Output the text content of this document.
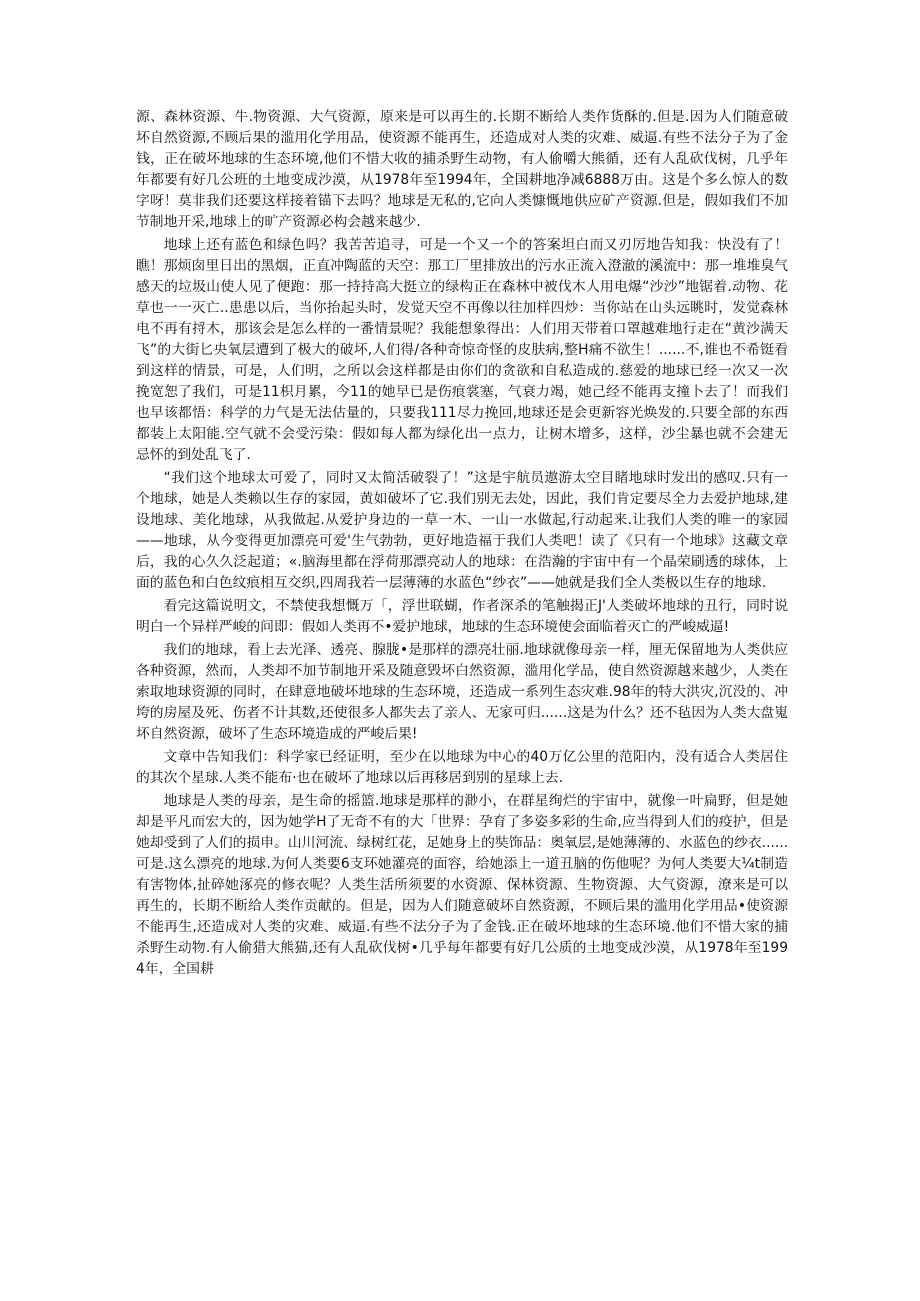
源、森林资源、牛.物资源、大气资源，原来是可以再生的.长期不断给人类作货酥的.但是.因为人们随意破坏自然资源,不顾后果的滥用化学用品，使资源不能再生，还造成对人类的灾难、威逼.有些不法分子为了金钱，正在破坏地球的生态环境,他们不惜大收的捕杀野生动物，有人偷嚼大熊循，还有人乱砍伐树，几乎年年都要有好几公班的土地变成沙漠，从1978年至1994年，全国耕地净减6888万由。这是个多么惊人的数字呀！莫非我们还要这样接着锚下去吗？地球是无私的,它向人类慷慨地供应矿产资源.但是，假如我们不加节制地开采,地球上的旷产资源必构会越来越少.

地球上还有蓝色和绿色吗？我苦苦追寻，可是一个又一个的答案坦白而又刃厉地告知我：快没有了！瞧！那烦囱里日出的黑烟，正直冲陶蓝的天空：那工厂里排放出的污水正流入澄澈的溪流中：那一堆堆臭气感天的垃圾山使人见了便跑：那一持持高大挺立的绿构正在森林中被伐木人用电爆“沙沙”地锯着.动物、花草也一一灭亡..患患以后，当你抬起头时，发觉天空不再像以往加样四炒：当你站在山头远眺时，发觉森林电不再有捋木，那该会是怎么样的一番情景呢？我能想象得出：人们用天带着口罩越难地行走在“黄沙满天飞”的大街匕央氧层遭到了极大的破坏,人们得/各种奇惊奇怪的皮肤病,整H痛不欲生！......不,谁也不希铤看到这样的情景，可是，人们明，之所以会这样都是由你们的贪欲和自私造成的.慈爱的地球已经一次又一次挽宽恕了我们，可是11枳月累，今11的她早已是伤痕裳塞，气衰力竭，她己经不能再支撞卜去了！而我们也早该都悟：科学的力气是无法估量的，只要我111尽力挽回,地球还是会更新容光焕发的.只要全部的东西都装上太阳能.空气就不会受污染：假如每人都为绿化出一点力，让树木增多，这样，沙尘暴也就不会建无忌怀的到处乱飞了.

“我们这个地球太可爱了，同时又太简活破裂了！”这是宇航员遨游太空目睹地球时发出的感叹.只有一个地球，她是人类赖以生存的家园，黄如破坏了它.我们别无去处，因此，我们肯定要尽全力去爱护地球,建设地球、美化地球，从我做起.从爱护身边的一草一木、一山一水做起,行动起来.让我们人类的唯一的家园——地球，从今变得更加漂亮可爱'生气勃勃，更好地造福于我们人类吧！读了《只有一个地球》这藏文章后，我的心久久泛起道；«.脑海里都在浮荷那漂亮动人的地球：在浩瀚的宇宙中有一个晶荣刷透的球体，上面的蓝色和白色纹痕相互交织,四周我若一层薄薄的水蓝色“纱衣”——她就是我们全人类极以生存的地球.

看完这篇说明文，不禁使我想慨万「，浮世联蝴，作者深杀的笔触揭正J'人类破坏地球的丑行，同时说明白一个异样严峻的问即：假如人类再不•爱护地球，地球的生态环境使会面临着灭亡的严峻威逼!

我们的地球，看上去光泽、透亮、腺胧•是那样的漂亮壮丽.地球就像母亲一样，厘无保留地为人类供应各种资源，然而，人类却不加节制地开采及随意毁坏白然资源，滥用化学品，使自然资源越来越少，人类在索取地球资源的同时，在肆意地破坏地球的生态环境，还造成一系列生态灾难.98年的特大洪灾,沉没的、冲垮的房屋及死、伤者不计其数,还使很多人都失去了亲人、无家可归......这是为什么？还不毡因为人类大盘嵬坏自然资源，破坏了生态环境造成的严峻后果!

文章中告知我们：科学家已经证明，至少在以地球为中心的40万亿公里的范阳内，没有适合人类居住的其次个星球.人类不能布·也在破坏了地球以后再移居到别的星球上去.

地球是人类的母亲，是生命的摇篮.地球是那样的渺小，在群星绚烂的宇宙中，就像一叶扁野，但是她却是平凡而宏大的，因为她学H了无奇不有的大「世界：孕育了多姿多彩的生命,应当得到人们的疫护，但是她却受到了人们的损申。山川河流、绿树红花，足她身上的奘饰品：奥氧层,是她薄薄的、水蓝色的纱衣......可是.这么漂亮的地球.为何人类要6支环她灌亮的面容，给她添上一道丑脑的伤他呢？为何人类要大¼t制造有害物体,扯碎她涿亮的修衣呢？人类生活所须要的水资源、保林资源、生物资源、大气资源，潦来是可以再生的，长期不断给人类作贡献的。但是，因为人们随意破坏自然资源，不顾后果的滥用化学用品•使资源不能再生,还造成对人类的灾难、威逼.有些不法分子为了金钱.正在破坏地球的生态环境.他们不惜大家的捕杀野生动物.有人偷猎大熊猫,还有人乱砍伐树•几乎每年都要有好几公质的土地变成沙漠，从1978年至1994年，全国耕
